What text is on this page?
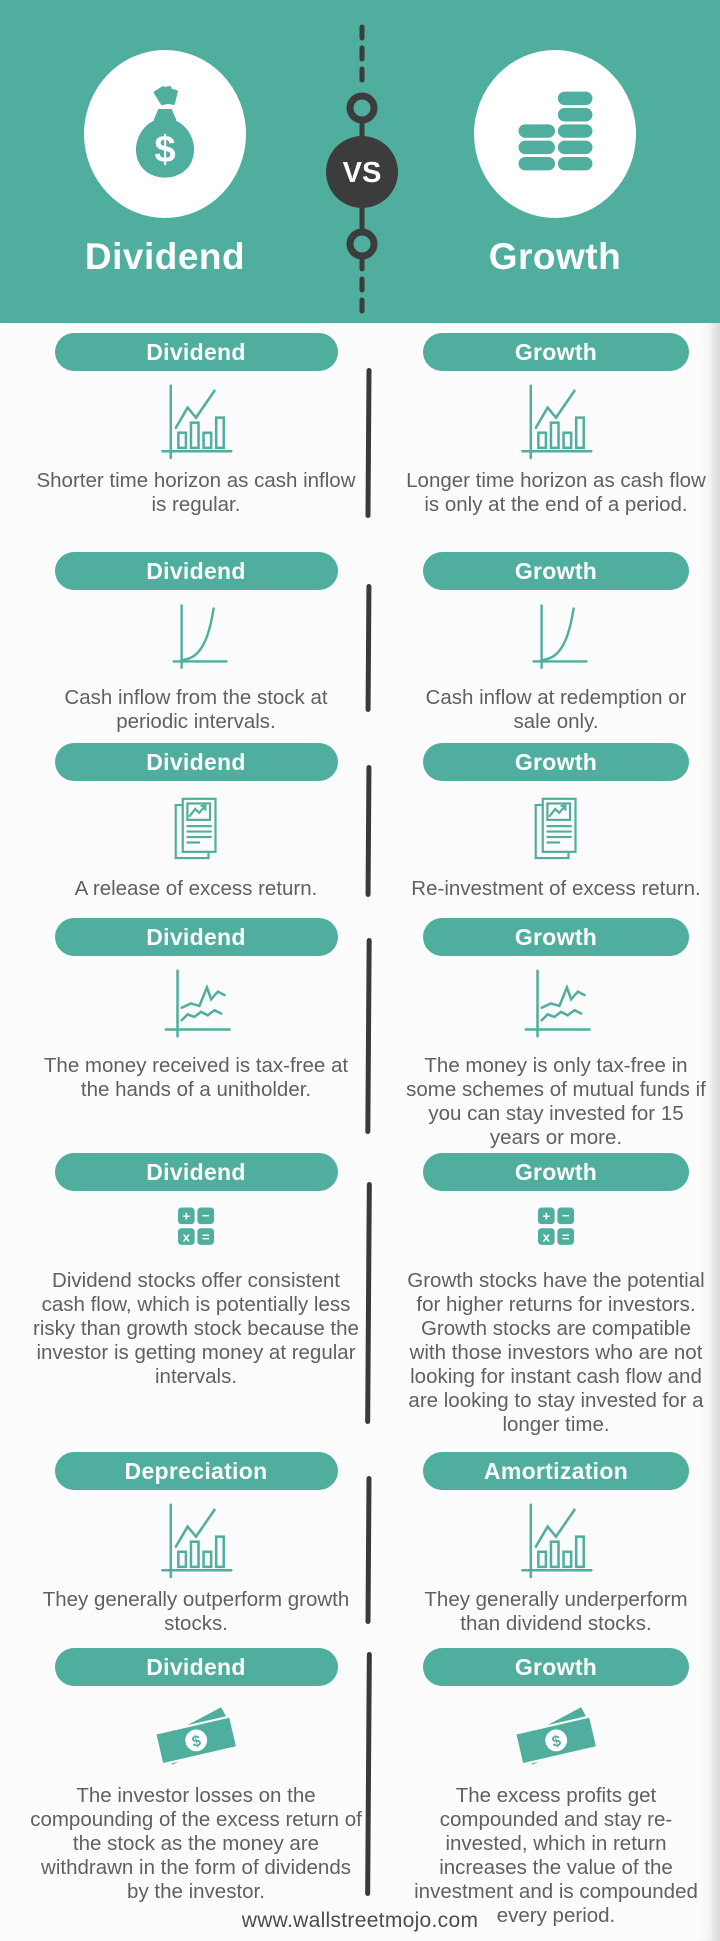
$
Dividend
VS
Growth
Dividend

Shorter time horizon as cash inflow is regular.

Growth

Longer time horizon as cash flow is only at the end of a period.

Dividend

Cash inflow from the stock at periodic intervals.

Growth

Cash inflow at redemption or sale only.

Dividend

A release of excess return.

Growth

Re-investment of excess return.

Dividend

The money received is tax-free at the hands of a unitholder.

Growth

The money is only tax-free in some schemes of mutual funds if you can stay invested for 15 years or more.

Dividend
+ −
x =

Dividend stocks offer consistent cash flow, which is potentially less risky than growth stock because the investor is getting money at regular intervals.

Growth
+ −
x =

Growth stocks have the potential for higher returns for investors. Growth stocks are compatible with those investors who are not looking for instant cash flow and are looking to stay invested for a longer time.

Depreciation

They generally outperform growth stocks.

Amortization

They generally underperform than dividend stocks.

Dividend
$

The investor losses on the compounding of the excess return of the stock as the money are withdrawn in the form of dividends by the investor.

Growth
$

The excess profits get compounded and stay re-invested, which in return increases the value of the investment and is compounded every period.

www.wallstreetmojo.com
